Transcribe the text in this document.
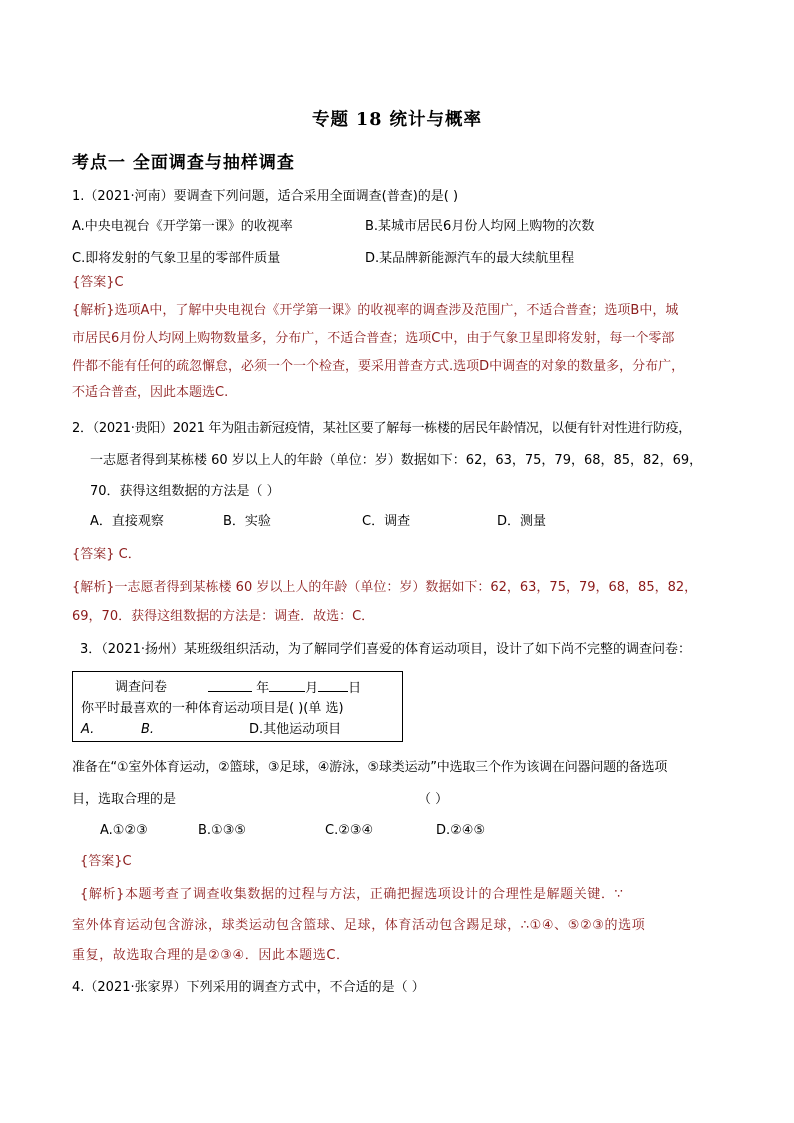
专题 18 统计与概率
考点一 全面调查与抽样调查
1.（2021·河南）要调查下列问题，适合采用全面调查(普查)的是( )
A.中央电视台《开学第一课》的收视率	B.某城市居民6月份人均网上购物的次数
C.即将发射的气象卫星的零部件质量	D.某品牌新能源汽车的最大续航里程
{答案}C
{解析}选项A中，了解中央电视台《开学第一课》的收视率的调查涉及范围广，不适合普查；选项B中，城
市居民6月份人均网上购物数量多，分布广，不适合普查；选项C中，由于气象卫星即将发射，每一个零部
件都不能有任何的疏忽懈怠，必须一个一个检查，要采用普查方式.选项D中调查的对象的数量多，分布广，
不适合普查，因此本题选C.
2．（2021·贵阳）2021 年为阻击新冠疫情，某社区要了解每一栋楼的居民年龄情况，以便有针对性进行防疫，
一志愿者得到某栋楼 60 岁以上人的年龄（单位：岁）数据如下：62，63，75，79，68，85，82，69，
70．获得这组数据的方法是（ ）
A．直接观察	B．实验	C．调查	D．测量
{答案} C．
{解析}一志愿者得到某栋楼 60 岁以上人的年龄（单位：岁）数据如下：62，63，75，79，68，85，82，
69，70．获得这组数据的方法是：调查．故选：C．
3．（2021·扬州）某班级组织活动，为了解同学们喜爱的体育运动项目，设计了如下尚不完整的调查问卷：
调查问卷	年	月 日
你平时最喜欢的一种体育运动项目是( )(单 选)
A.	B.	D.其他运动项目
准备在“①室外体育运动，②篮球，③足球，④游泳，⑤球类运动”中选取三个作为该调在问器问题的备选项
目，选取合理的是	（ ）
A.①②③	B.①③⑤	C.②③④	D.②④⑤
{答案}C
{解析}本题考查了调查收集数据的过程与方法，正确把握选项设计的合理性是解题关键．∵
室外体育运动包含游泳，球类运动包含篮球、足球，体育活动包含踢足球，∴①④、⑤②③的选项
重复，故选取合理的是②③④．因此本题选C．
4.（2021·张家界）下列采用的调查方式中，不合适的是（ ）
